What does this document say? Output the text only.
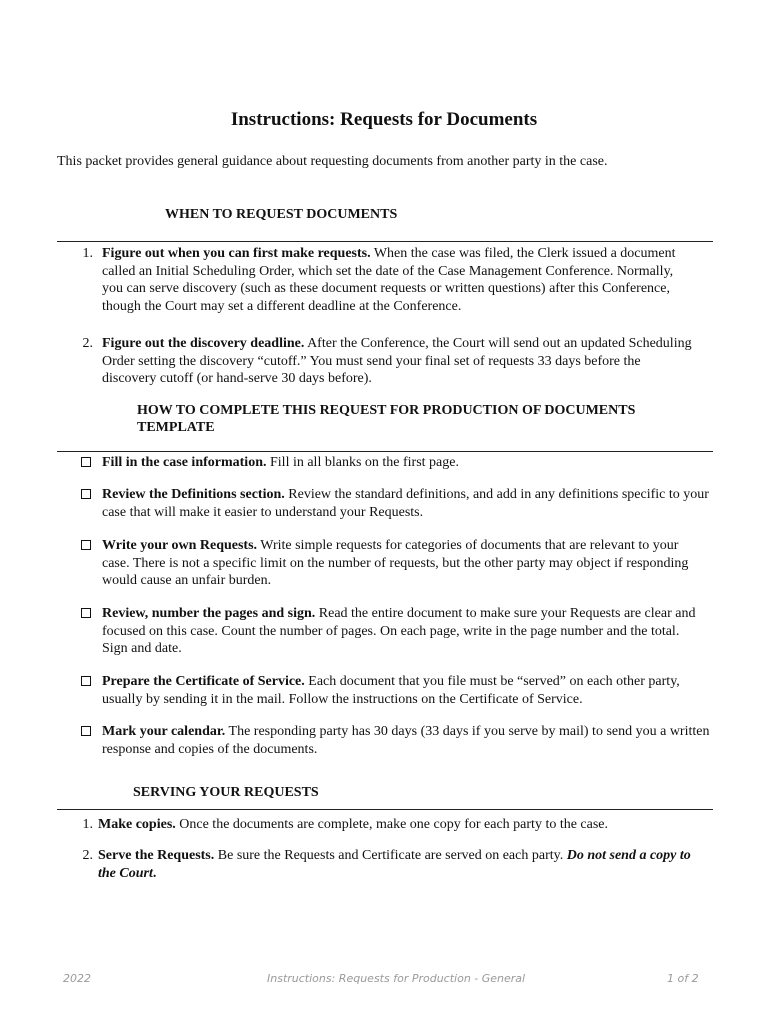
Instructions: Requests for Documents
This packet provides general guidance about requesting documents from another party in the case.
WHEN TO REQUEST DOCUMENTS
1. Figure out when you can first make requests. When the case was filed, the Clerk issued a document called an Initial Scheduling Order, which set the date of the Case Management Conference. Normally, you can serve discovery (such as these document requests or written questions) after this Conference, though the Court may set a different deadline at the Conference.
2. Figure out the discovery deadline. After the Conference, the Court will send out an updated Scheduling Order setting the discovery “cutoff.” You must send your final set of requests 33 days before the discovery cutoff (or hand-serve 30 days before).
HOW TO COMPLETE THIS REQUEST FOR PRODUCTION OF DOCUMENTS TEMPLATE
Fill in the case information. Fill in all blanks on the first page.
Review the Definitions section. Review the standard definitions, and add in any definitions specific to your case that will make it easier to understand your Requests.
Write your own Requests. Write simple requests for categories of documents that are relevant to your case. There is not a specific limit on the number of requests, but the other party may object if responding would cause an unfair burden.
Review, number the pages and sign. Read the entire document to make sure your Requests are clear and focused on this case. Count the number of pages. On each page, write in the page number and the total. Sign and date.
Prepare the Certificate of Service. Each document that you file must be “served” on each other party, usually by sending it in the mail. Follow the instructions on the Certificate of Service.
Mark your calendar. The responding party has 30 days (33 days if you serve by mail) to send you a written response and copies of the documents.
SERVING YOUR REQUESTS
1. Make copies. Once the documents are complete, make one copy for each party to the case.
2. Serve the Requests. Be sure the Requests and Certificate are served on each party. Do not send a copy to the Court.
2022	Instructions: Requests for Production - General	1 of 2
